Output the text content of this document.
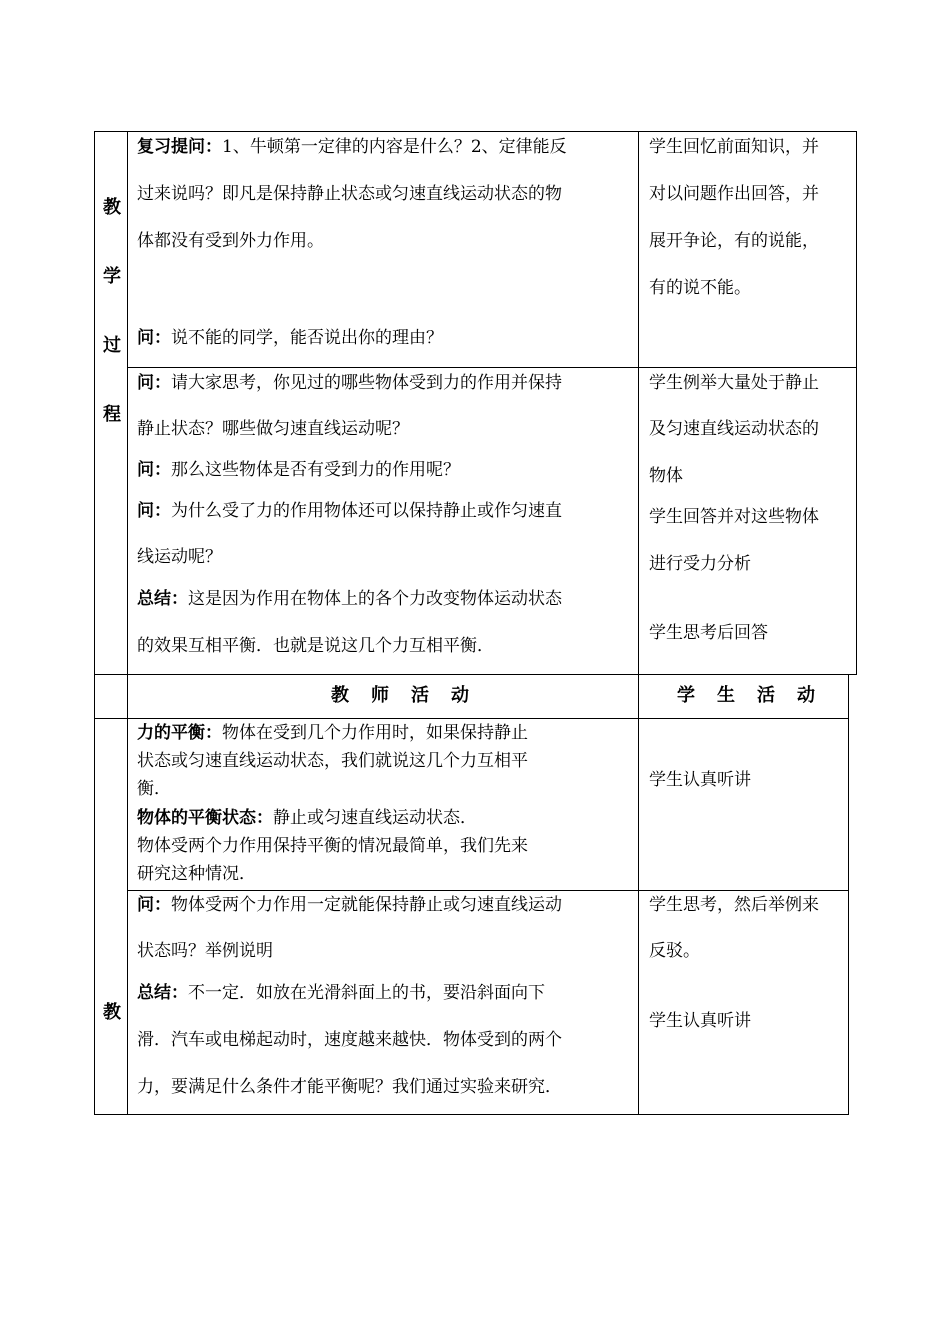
教
学
过
程
复习提问：1、牛顿第一定律的内容是什么？2、定律能反
过来说吗？即凡是保持静止状态或匀速直线运动状态的物
体都没有受到外力作用。
问：说不能的同学，能否说出你的理由？
学生回忆前面知识，并
对以问题作出回答，并
展开争论，有的说能，
有的说不能。
问：请大家思考，你见过的哪些物体受到力的作用并保持
静止状态？哪些做匀速直线运动呢？
问：那么这些物体是否有受到力的作用呢？
问：为什么受了力的作用物体还可以保持静止或作匀速直
线运动呢？
总结：这是因为作用在物体上的各个力改变物体运动状态
的效果互相平衡．也就是说这几个力互相平衡．
学生例举大量处于静止
及匀速直线运动状态的
物体
学生回答并对这些物体
进行受力分析
学生思考后回答
教师活动	学生活动
教
力的平衡：物体在受到几个力作用时，如果保持静止
状态或匀速直线运动状态，我们就说这几个力互相平
衡．
物体的平衡状态：静止或匀速直线运动状态．
物体受两个力作用保持平衡的情况最简单，我们先来
研究这种情况．
学生认真听讲
问：物体受两个力作用一定就能保持静止或匀速直线运动
状态吗？举例说明
总结：不一定．如放在光滑斜面上的书，要沿斜面向下
滑．汽车或电梯起动时，速度越来越快．物体受到的两个
力，要满足什么条件才能平衡呢？我们通过实验来研究．
学生思考，然后举例来
反驳。
学生认真听讲
